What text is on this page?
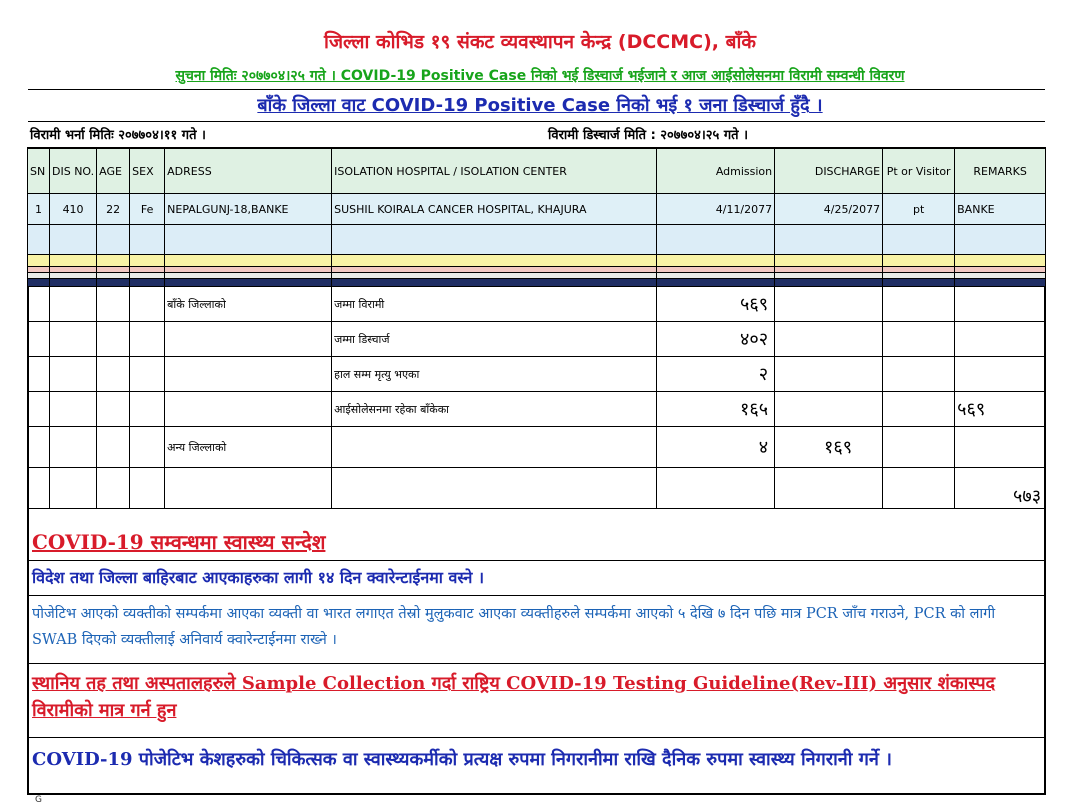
जिल्ला कोभिड १९ संकट व्यवस्थापन केन्द्र (DCCMC), बाँके
सुचना मितिः २०७७०४।२५ गते । COVID-19 Positive Case निको भई डिस्चार्ज भईजाने र आज आईसोलेसनमा विरामी सम्वन्धी विवरण
बाँके जिल्ला वाट COVID-19 Positive Case निको भई १ जना डिस्चार्ज हुँदै ।
विरामी भर्ना मितिः २०७७०४।११ गते ।	विरामी डिस्चार्ज मिति : २०७७०४।२५ गते ।
SN	DIS NO.	AGE	SEX	ADRESS	ISOLATION HOSPITAL / ISOLATION CENTER	Admission	DISCHARGE	Pt or Visitor	REMARKS
1	410	22	Fe	NEPALGUNJ-18,BANKE	SUSHIL KOIRALA CANCER HOSPITAL, KHAJURA	4/11/2077	4/25/2077	pt	BANKE

				बाँके जिल्लाको	जम्मा विरामी	५६९			
					जम्मा डिस्चार्ज	४०२			
					हाल सम्म मृत्यु भएका	२			
					आईसोलेसनमा रहेका बाँकेका	१६५			५६९
				अन्य जिल्लाको		४	१६९		
									५७३
COVID-19 सम्वन्धमा स्वास्थ्य सन्देश
विदेश तथा जिल्ला बाहिरबाट आएकाहरुका लागी १४ दिन क्वारेन्टाईनमा वस्ने ।
पोजेटिभ आएको व्यक्तीको सम्पर्कमा आएका व्यक्ती वा भारत लगाएत तेस्रो मुलुकवाट आएका व्यक्तीहरुले सम्पर्कमा आएको ५ देखि ७ दिन पछि मात्र PCR जाँच गराउने, PCR को लागी SWAB दिएको व्यक्तीलाई अनिवार्य क्वारेन्टाईनमा राख्ने ।
स्थानिय तह तथा अस्पतालहरुले Sample Collection गर्दा राष्ट्रिय COVID-19 Testing Guideline(Rev-III) अनुसार शंकास्पद विरामीको मात्र गर्न हुन
COVID-19 पोजेटिभ केशहरुको चिकित्सक वा स्वास्थ्यकर्मीको प्रत्यक्ष रुपमा निगरानीमा राखि दैनिक रुपमा स्वास्थ्य निगरानी गर्ने ।
G
